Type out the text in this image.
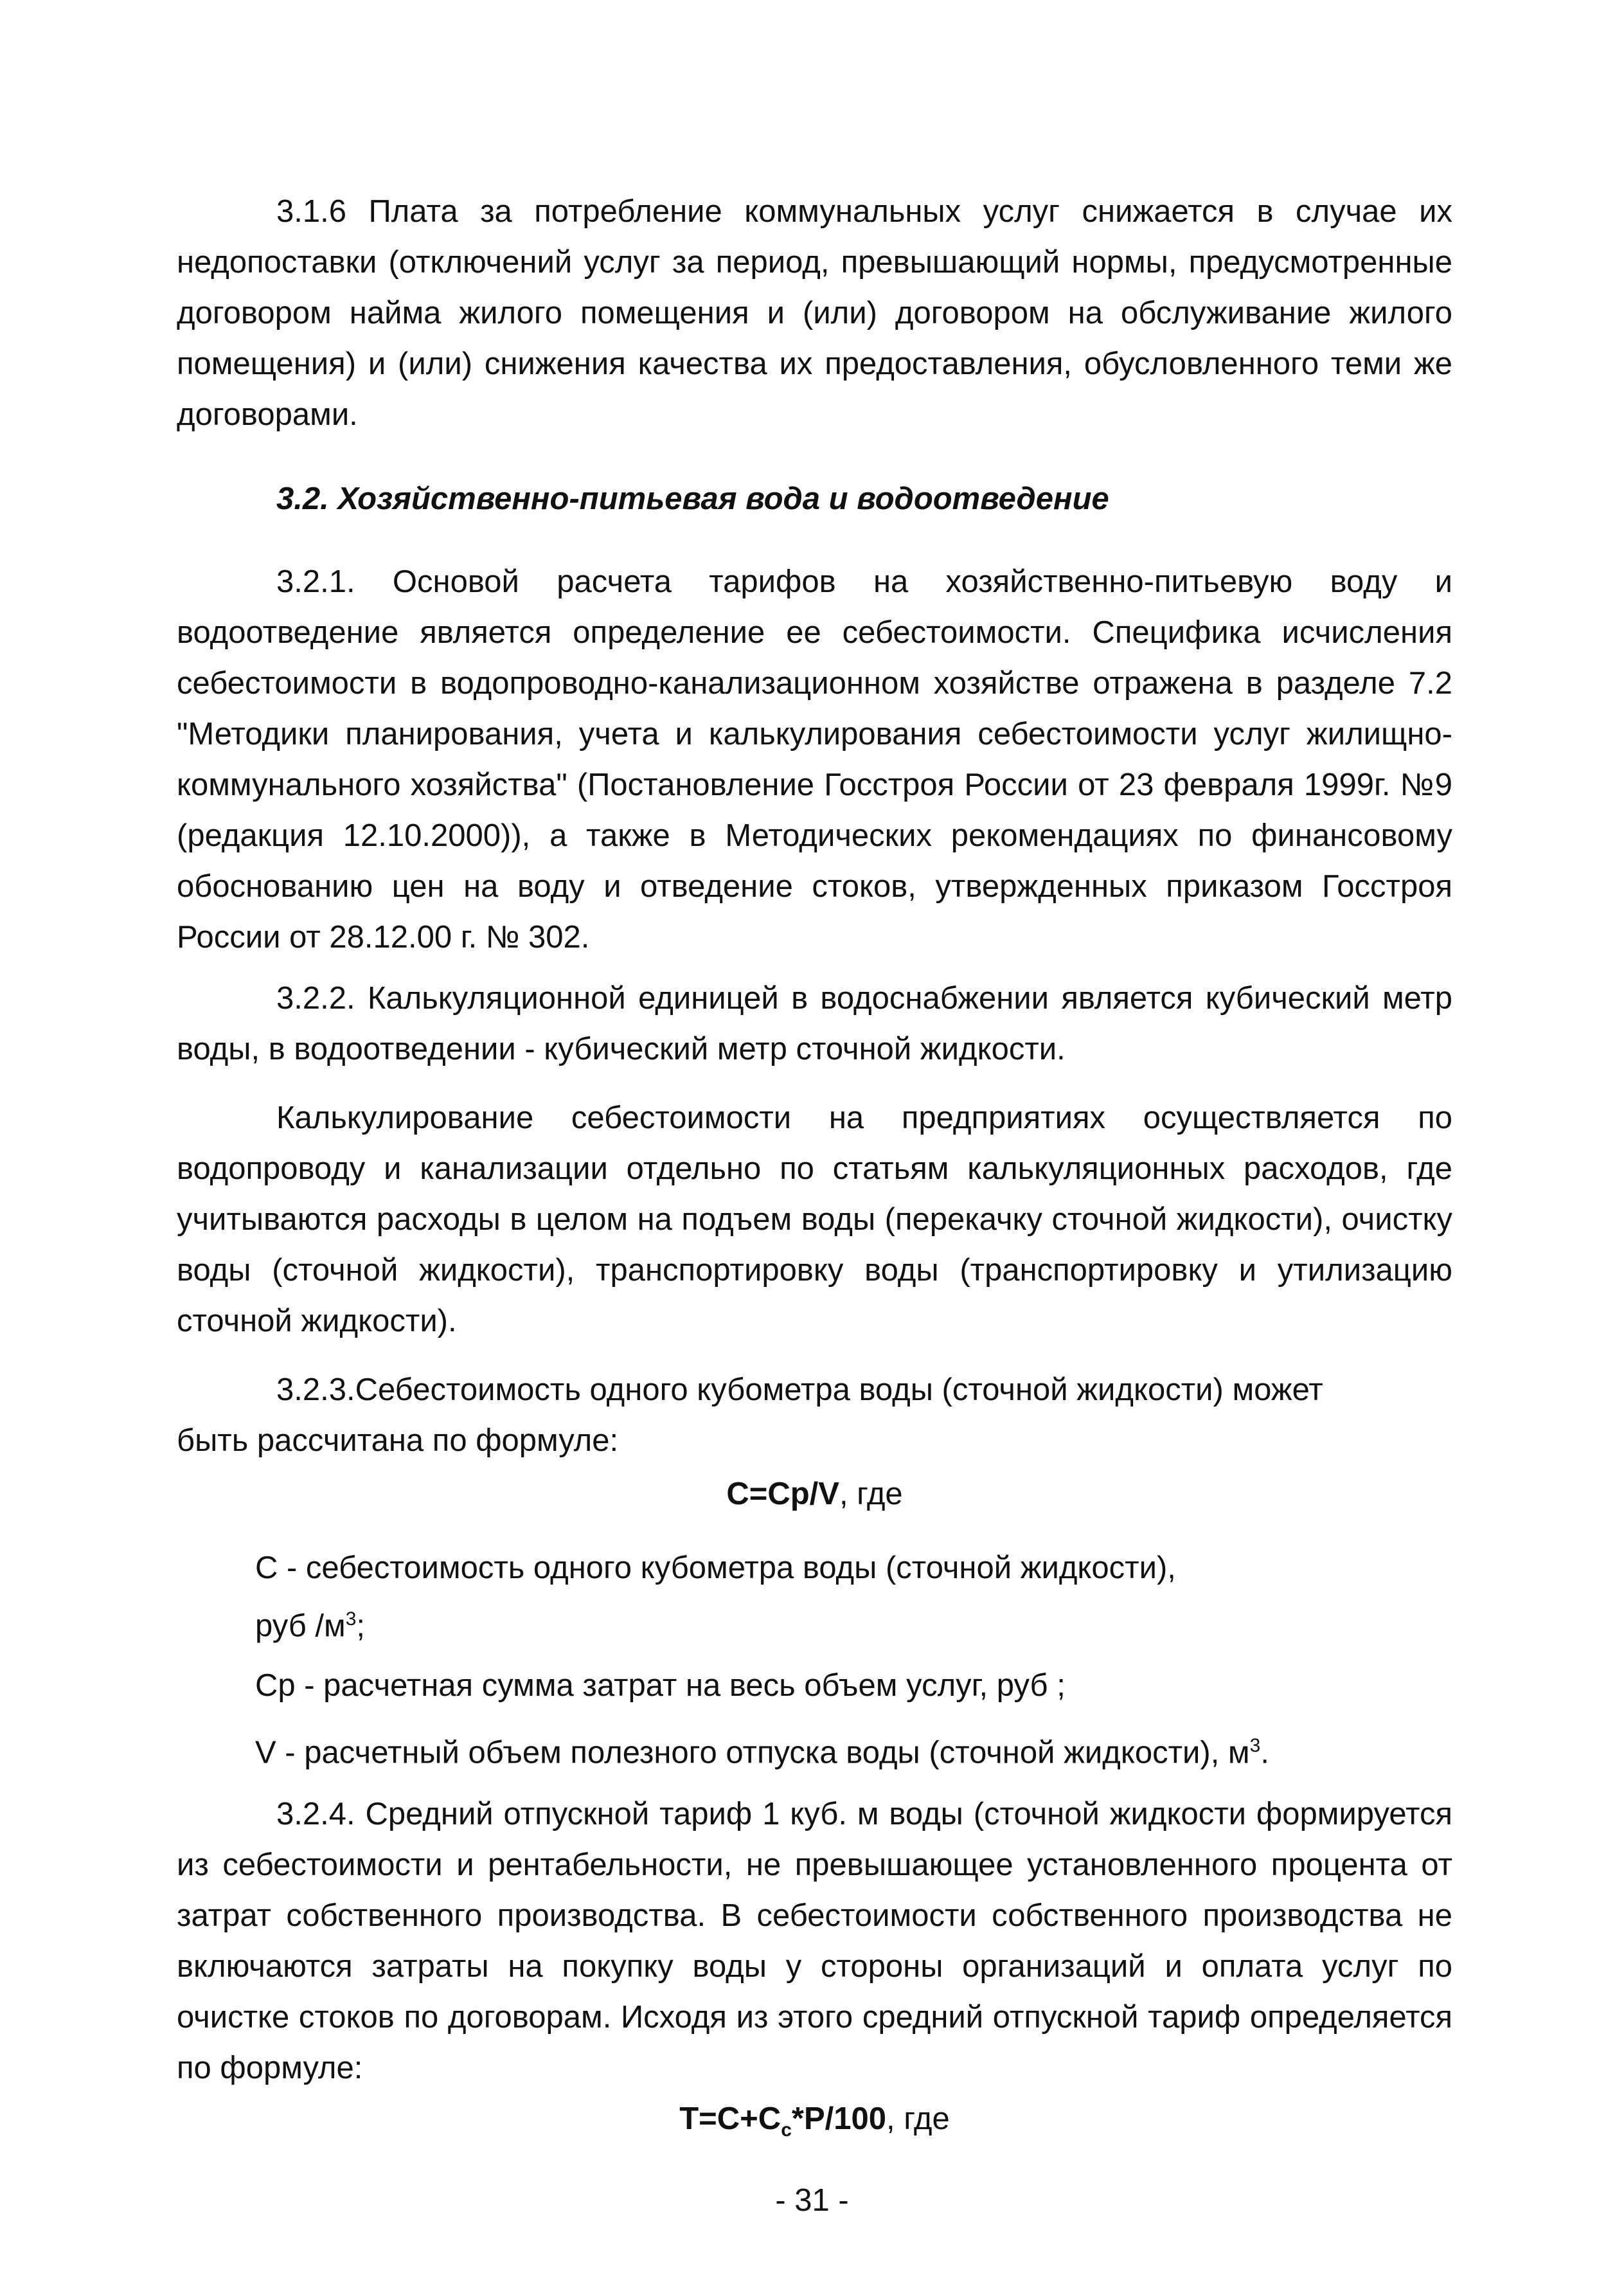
3.1.6 Плата за потребление коммунальных услуг снижается в случае их недопоставки (отключений услуг за период, превышающий нормы, предусмотренные договором найма жилого помещения и (или) договором на обслуживание жилого помещения) и (или) снижения качества их предоставления, обусловленного теми же договорами.

3.2. Хозяйственно-питьевая вода и водоотведение

3.2.1. Основой расчета тарифов на хозяйственно-питьевую воду и водоотведение является определение ее себестоимости. Специфика исчисления себестоимости в водопроводно-канализационном хозяйстве отражена в разделе 7.2 "Методики планирования, учета и калькулирования себестоимости услуг жилищно-коммунального хозяйства" (Постановление Госстроя России от 23 февраля 1999г. №9 (редакция 12.10.2000)), а также в Методических рекомендациях по финансовому обоснованию цен на воду и отведение стоков, утвержденных приказом Госстроя России от 28.12.00 г. № 302.

3.2.2. Калькуляционной единицей в водоснабжении является кубический метр воды, в водоотведении - кубический метр сточной жидкости.

Калькулирование себестоимости на предприятиях осуществляется по водопроводу и канализации отдельно по статьям калькуляционных расходов, где учитываются расходы в целом на подъем воды (перекачку сточной жидкости), очистку воды (сточной жидкости), транспортировку воды (транспортировку и утилизацию сточной жидкости).

3.2.3.Себестоимость одного кубометра воды (сточной жидкости) может
быть рассчитана по формуле:
C=Cp/V, где
С - себестоимость одного кубометра воды (сточной жидкости),
руб $/м^3$;
Ср - расчетная сумма затрат на весь объем услуг, руб ;
V - расчетный объем полезного отпуска воды (сточной жидкости), $м^3$.

3.2.4. Средний отпускной тариф 1 куб. м воды (сточной жидкости формируется из себестоимости и рентабельности, не превышающее установленного процента от затрат собственного производства. В себестоимости собственного производства не включаются затраты на покупку воды у стороны организаций и оплата услуг по очистке стоков по договорам. Исходя из этого средний отпускной тариф определяется по формуле:

$T=C+C_c*P/100$, где
- 31 -
